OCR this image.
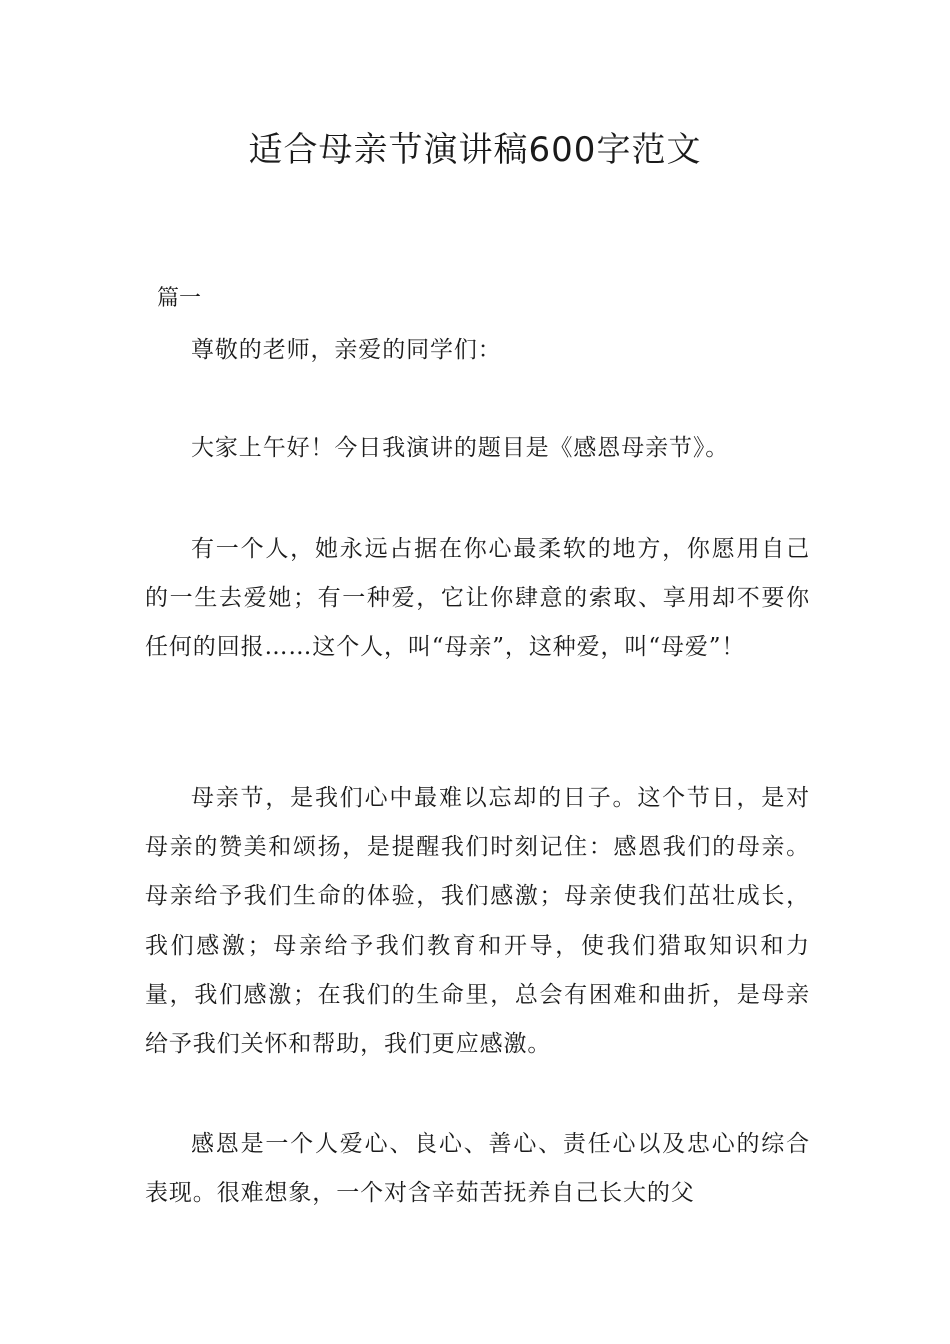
适合母亲节演讲稿600字范文

篇一

尊敬的老师，亲爱的同学们：

大家上午好！今日我演讲的题目是《感恩母亲节》。

有一个人，她永远占据在你心最柔软的地方，你愿用自己的一生去爱她；有一种爱，它让你肆意的索取、享用却不要你任何的回报……这个人，叫“母亲”，这种爱，叫“母爱”！

母亲节，是我们心中最难以忘却的日子。这个节日，是对母亲的赞美和颂扬，是提醒我们时刻记住：感恩我们的母亲。母亲给予我们生命的体验，我们感激；母亲使我们茁壮成长，我们感激；母亲给予我们教育和开导，使我们猎取知识和力量，我们感激；在我们的生命里，总会有困难和曲折，是母亲给予我们关怀和帮助，我们更应感激。

感恩是一个人爱心、良心、善心、责任心以及忠心的综合表现。很难想象，一个对含辛茹苦抚养自己长大的父
